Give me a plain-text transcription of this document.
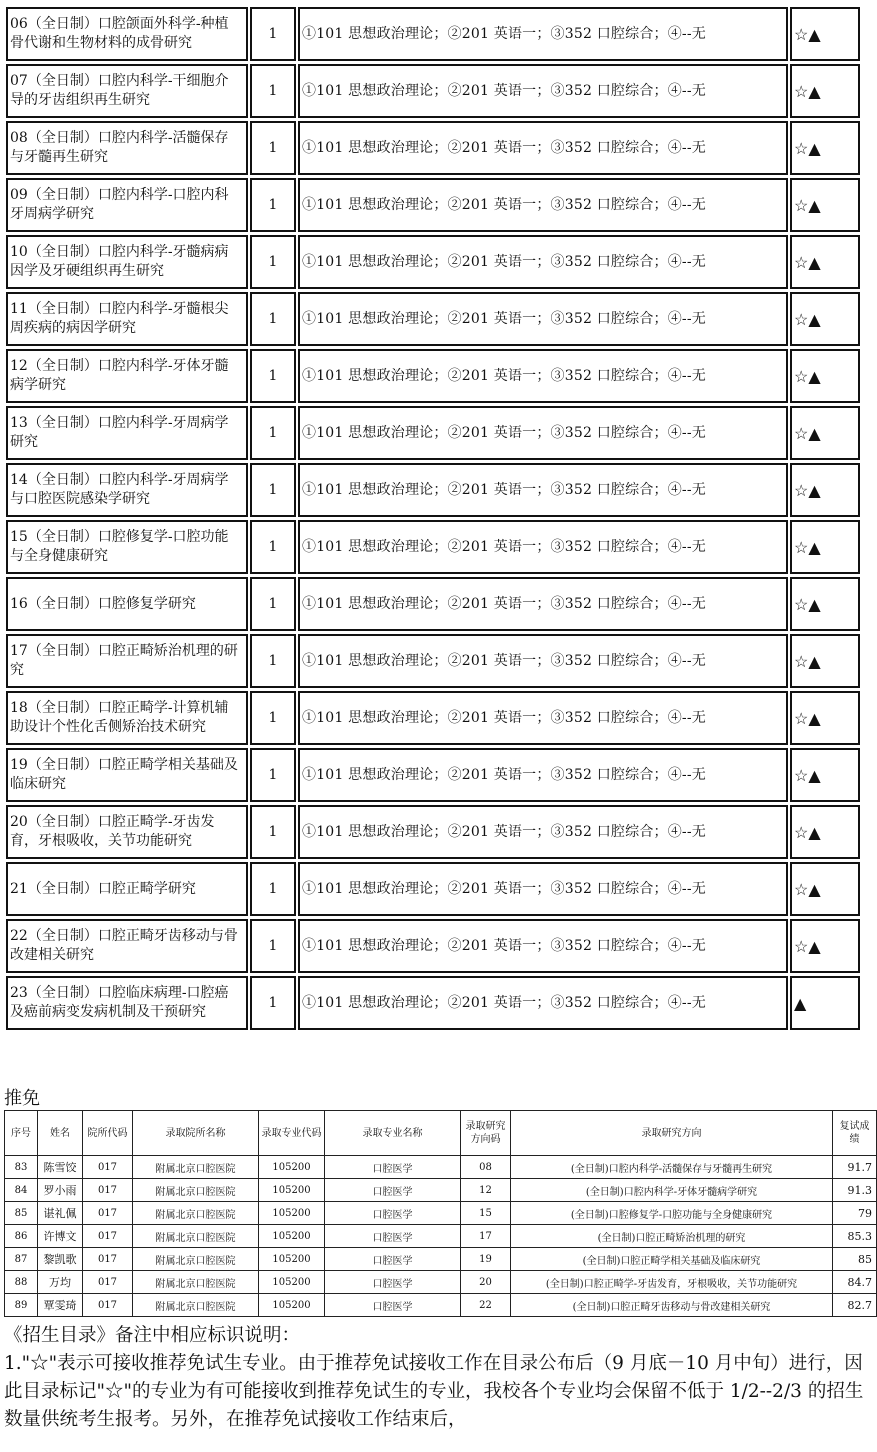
06（全日制）口腔颌面外科学-种植骨代谢和生物材料的成骨研究	1	①101 思想政治理论；②201 英语一；③352 口腔综合；④--无	☆▲
07（全日制）口腔内科学-干细胞介导的牙齿组织再生研究	1	①101 思想政治理论；②201 英语一；③352 口腔综合；④--无	☆▲
08（全日制）口腔内科学-活髓保存与牙髓再生研究	1	①101 思想政治理论；②201 英语一；③352 口腔综合；④--无	☆▲
09（全日制）口腔内科学-口腔内科牙周病学研究	1	①101 思想政治理论；②201 英语一；③352 口腔综合；④--无	☆▲
10（全日制）口腔内科学-牙髓病病因学及牙硬组织再生研究	1	①101 思想政治理论；②201 英语一；③352 口腔综合；④--无	☆▲
11（全日制）口腔内科学-牙髓根尖周疾病的病因学研究	1	①101 思想政治理论；②201 英语一；③352 口腔综合；④--无	☆▲
12（全日制）口腔内科学-牙体牙髓病学研究	1	①101 思想政治理论；②201 英语一；③352 口腔综合；④--无	☆▲
13（全日制）口腔内科学-牙周病学研究	1	①101 思想政治理论；②201 英语一；③352 口腔综合；④--无	☆▲
14（全日制）口腔内科学-牙周病学与口腔医院感染学研究	1	①101 思想政治理论；②201 英语一；③352 口腔综合；④--无	☆▲
15（全日制）口腔修复学-口腔功能与全身健康研究	1	①101 思想政治理论；②201 英语一；③352 口腔综合；④--无	☆▲
16（全日制）口腔修复学研究	1	①101 思想政治理论；②201 英语一；③352 口腔综合；④--无	☆▲
17（全日制）口腔正畸矫治机理的研究	1	①101 思想政治理论；②201 英语一；③352 口腔综合；④--无	☆▲
18（全日制）口腔正畸学-计算机辅助设计个性化舌侧矫治技术研究	1	①101 思想政治理论；②201 英语一；③352 口腔综合；④--无	☆▲
19（全日制）口腔正畸学相关基础及临床研究	1	①101 思想政治理论；②201 英语一；③352 口腔综合；④--无	☆▲
20（全日制）口腔正畸学-牙齿发育，牙根吸收，关节功能研究	1	①101 思想政治理论；②201 英语一；③352 口腔综合；④--无	☆▲
21（全日制）口腔正畸学研究	1	①101 思想政治理论；②201 英语一；③352 口腔综合；④--无	☆▲
22（全日制）口腔正畸牙齿移动与骨改建相关研究	1	①101 思想政治理论；②201 英语一；③352 口腔综合；④--无	☆▲
23（全日制）口腔临床病理-口腔癌及癌前病变发病机制及干预研究	1	①101 思想政治理论；②201 英语一；③352 口腔综合；④--无	▲
推免
序号	姓名	院所代码	录取院所名称	录取专业代码	录取专业名称	录取研究方向码	录取研究方向	复试成绩
83	陈雪饺	017	附属北京口腔医院	105200	口腔医学	08	(全日制)口腔内科学-活髓保存与牙髓再生研究	91.7
84	罗小雨	017	附属北京口腔医院	105200	口腔医学	12	(全日制)口腔内科学-牙体牙髓病学研究	91.3
85	谌礼佩	017	附属北京口腔医院	105200	口腔医学	15	(全日制)口腔修复学-口腔功能与全身健康研究	79
86	许博文	017	附属北京口腔医院	105200	口腔医学	17	(全日制)口腔正畸矫治机理的研究	85.3
87	黎凯歌	017	附属北京口腔医院	105200	口腔医学	19	(全日制)口腔正畸学相关基础及临床研究	85
88	万均	017	附属北京口腔医院	105200	口腔医学	20	(全日制)口腔正畸学-牙齿发育，牙根吸收，关节功能研究	84.7
89	覃雯琦	017	附属北京口腔医院	105200	口腔医学	22	(全日制)口腔正畸牙齿移动与骨改建相关研究	82.7

《招生目录》备注中相应标识说明：

1."☆"表示可接收推荐免试生专业。由于推荐免试接收工作在目录公布后（9 月底－10 月中旬）进行，因此目录标记"☆"的专业为有可能接收到推荐免试生的专业，我校各个专业均会保留不低于 1/2--2/3 的招生数量供统考生报考。另外，在推荐免试接收工作结束后，
